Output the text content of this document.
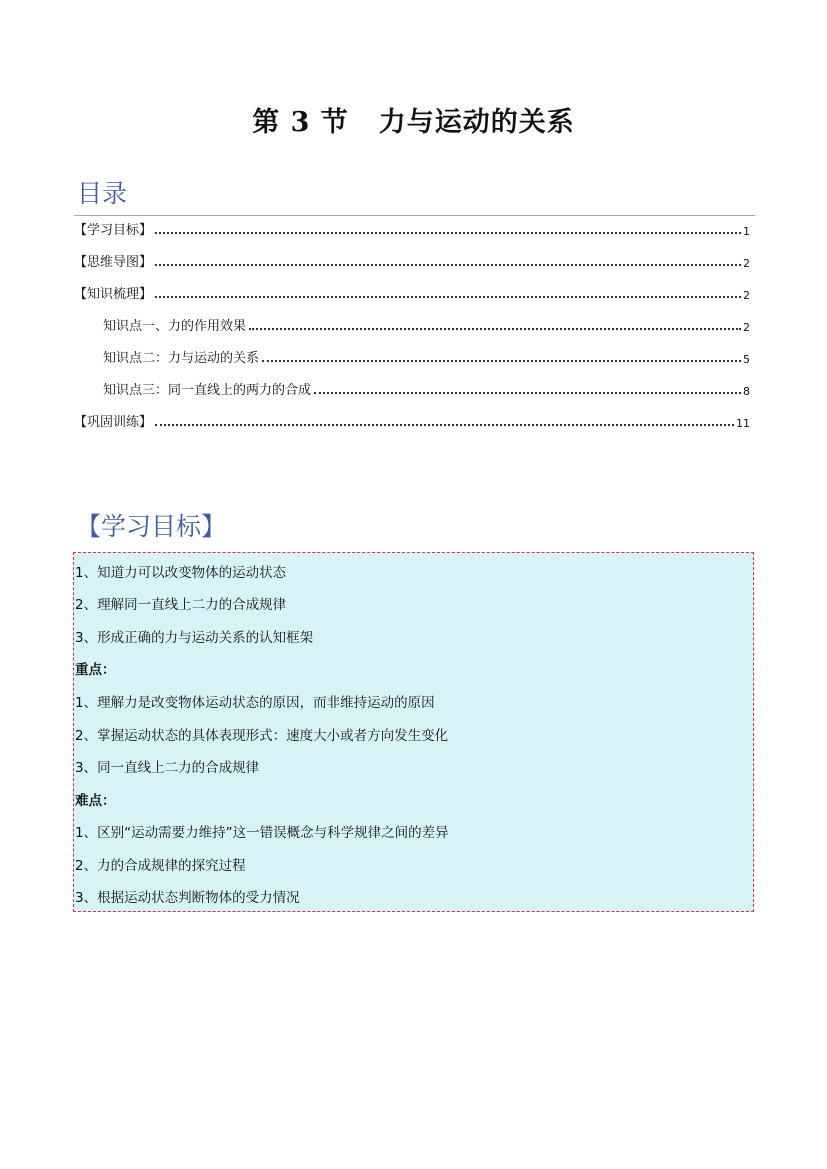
第 3 节 力与运动的关系
目录
【学习目标】	1
【思维导图】	2
【知识梳理】	2
知识点一、力的作用效果	2
知识点二：力与运动的关系	5
知识点三：同一直线上的两力的合成	8
【巩固训练】	11
【学习目标】
1、知道力可以改变物体的运动状态
2、理解同一直线上二力的合成规律
3、形成正确的力与运动关系的认知框架
重点：
1、理解力是改变物体运动状态的原因，而非维持运动的原因
2、掌握运动状态的具体表现形式：速度大小或者方向发生变化
3、同一直线上二力的合成规律
难点：
1、区别“运动需要力维持”这一错误概念与科学规律之间的差异
2、力的合成规律的探究过程
3、根据运动状态判断物体的受力情况
